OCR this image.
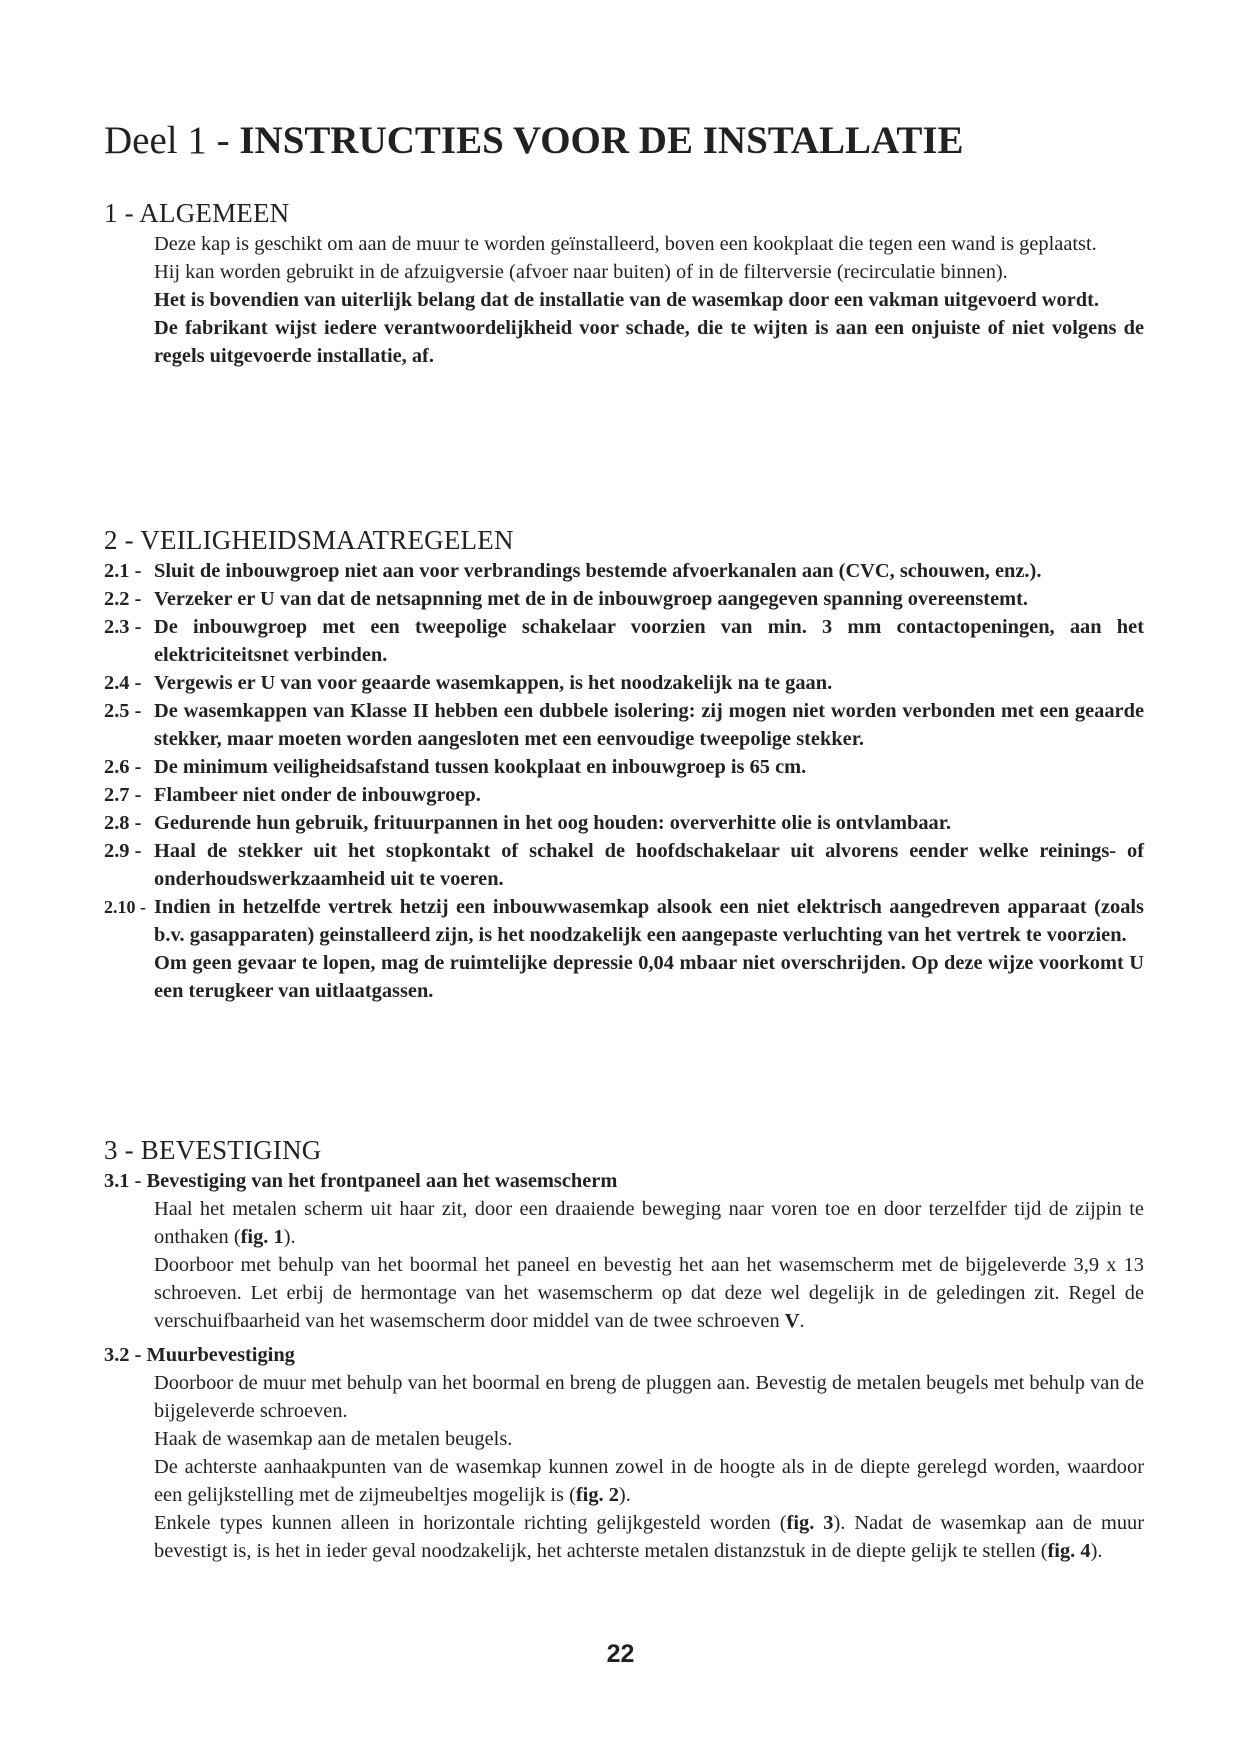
Deel 1 - INSTRUCTIES VOOR DE INSTALLATIE
1 - ALGEMEEN

Deze kap is geschikt om aan de muur te worden geïnstalleerd, boven een kookplaat die tegen een wand is geplaatst.

Hij kan worden gebruikt in de afzuigversie (afvoer naar buiten) of in de filterversie (recirculatie binnen).

Het is bovendien van uiterlijk belang dat de installatie van de wasemkap door een vakman uitgevoerd wordt.

De fabrikant wijst iedere verantwoordelijkheid voor schade, die te wijten is aan een onjuiste of niet volgens de regels uitgevoerde installatie, af.

2 - VEILIGHEIDSMAATREGELEN
2.1 - Sluit de inbouwgroep niet aan voor verbrandings bestemde afvoerkanalen aan (CVC, schouwen, enz.).
2.2 - Verzeker er U van dat de netsapnning met de in de inbouwgroep aangegeven spanning overeenstemt.
2.3 - De inbouwgroep met een tweepolige schakelaar voorzien van min. 3 mm contactopeningen, aan het elektriciteitsnet verbinden.
2.4 - Vergewis er U van voor geaarde wasemkappen, is het noodzakelijk na te gaan.
2.5 - De wasemkappen van Klasse II hebben een dubbele isolering: zij mogen niet worden verbonden met een geaarde stekker, maar moeten worden aangesloten met een eenvoudige tweepolige stekker.
2.6 - De minimum veiligheidsafstand tussen kookplaat en inbouwgroep is 65 cm.
2.7 - Flambeer niet onder de inbouwgroep.
2.8 - Gedurende hun gebruik, frituurpannen in het oog houden: oververhitte olie is ontvlambaar.
2.9 - Haal de stekker uit het stopkontakt of schakel de hoofdschakelaar uit alvorens eender welke reinings- of onderhoudswerkzaamheid uit te voeren.
2.10 - Indien in hetzelfde vertrek hetzij een inbouwwasemkap alsook een niet elektrisch aangedreven apparaat (zoals b.v. gasapparaten) geinstalleerd zijn, is het noodzakelijk een aangepaste verluchting van het vertrek te voorzien.

Om geen gevaar te lopen, mag de ruimtelijke depressie 0,04 mbaar niet overschrijden. Op deze wijze voorkomt U een terugkeer van uitlaatgassen.

3 - BEVESTIGING

3.1 - Bevestiging van het frontpaneel aan het wasemscherm

Haal het metalen scherm uit haar zit, door een draaiende beweging naar voren toe en door terzelfder tijd de zijpin te onthaken (fig. 1).

Doorboor met behulp van het boormal het paneel en bevestig het aan het wasemscherm met de bijgeleverde 3,9 x 13 schroeven. Let erbij de hermontage van het wasemscherm op dat deze wel degelijk in de geledingen zit. Regel de verschuifbaarheid van het wasemscherm door middel van de twee schroeven V.

3.2 - Muurbevestiging

Doorboor de muur met behulp van het boormal en breng de pluggen aan. Bevestig de metalen beugels met behulp van de bijgeleverde schroeven.

Haak de wasemkap aan de metalen beugels.

De achterste aanhaakpunten van de wasemkap kunnen zowel in de hoogte als in de diepte gerelegd worden, waardoor een gelijkstelling met de zijmeubeltjes mogelijk is (fig. 2).

Enkele types kunnen alleen in horizontale richting gelijkgesteld worden (fig. 3). Nadat de wasemkap aan de muur bevestigt is, is het in ieder geval noodzakelijk, het achterste metalen distanzstuk in de diepte gelijk te stellen (fig. 4).

22
